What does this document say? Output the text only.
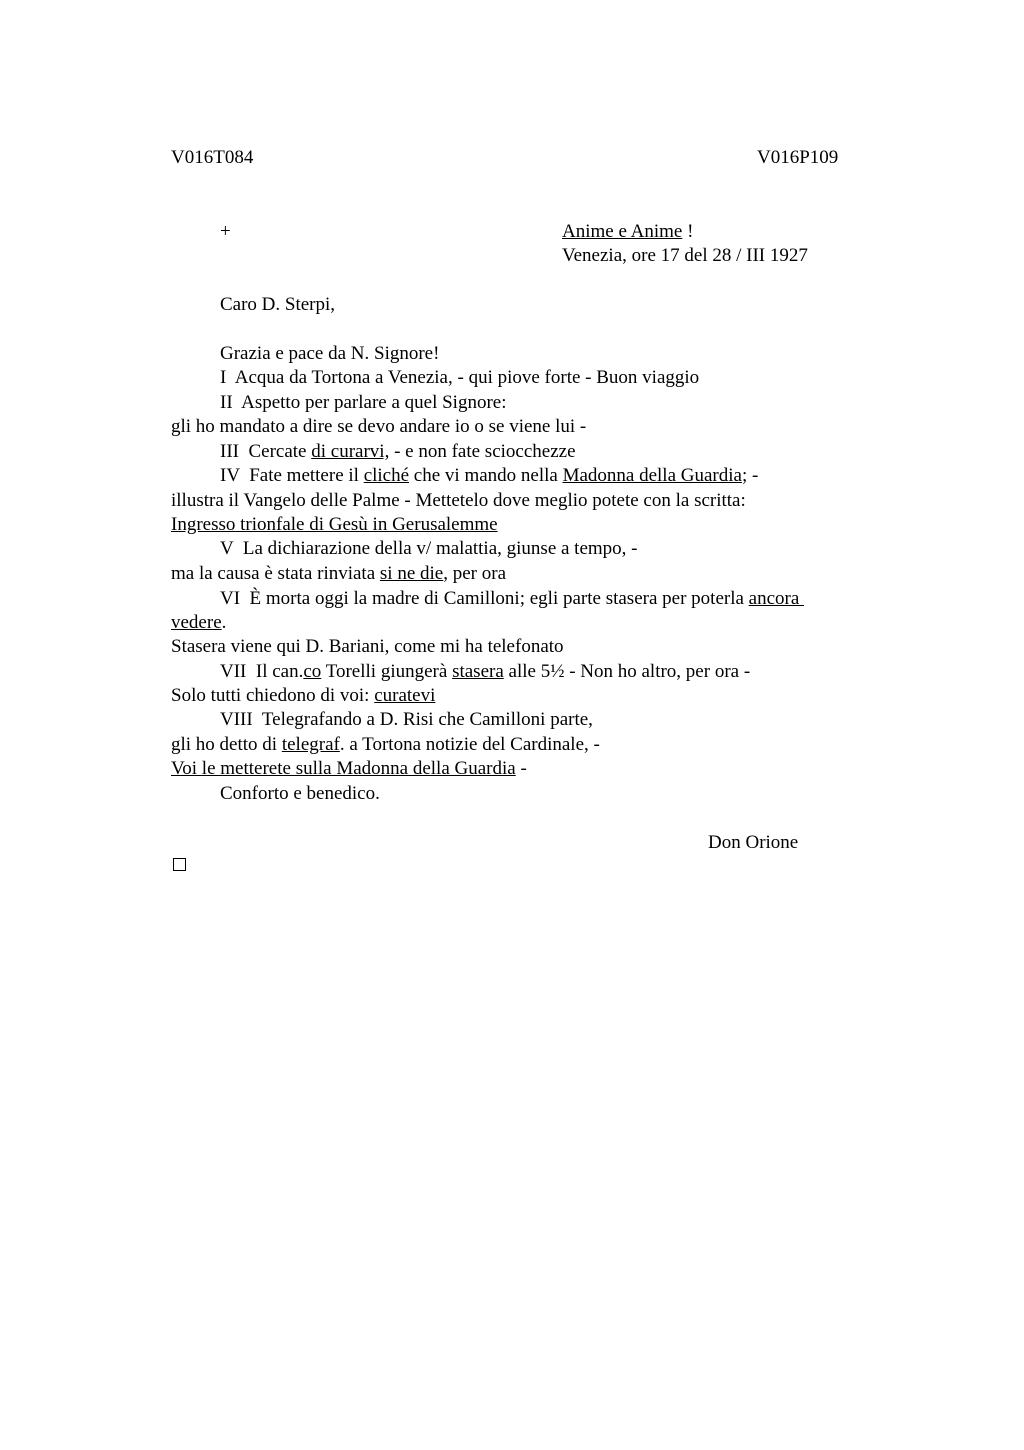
V016T084	V016P109
+	Anime e Anime !
Venezia, ore 17 del 28 / III 1927
Caro D. Sterpi,
Grazia e pace da N. Signore!
I  Acqua da Tortona a Venezia, - qui piove forte - Buon viaggio
II  Aspetto per parlare a quel Signore:
gli ho mandato a dire se devo andare io o se viene lui -
III  Cercate di curarvi, - e non fate sciocchezze
IV  Fate mettere il cliché che vi mando nella Madonna della Guardia; -
illustra il Vangelo delle Palme - Mettetelo dove meglio potete con la scritta:
Ingresso trionfale di Gesù in Gerusalemme
V  La dichiarazione della v/ malattia, giunse a tempo, -
ma la causa è stata rinviata si ne die, per ora
VI  È morta oggi la madre di Camilloni; egli parte stasera per poterla ancora
vedere.
Stasera viene qui D. Bariani, come mi ha telefonato
VII  Il can.co Torelli giungerà stasera alle 5½ - Non ho altro, per ora -
Solo tutti chiedono di voi: curatevi
VIII  Telegrafando a D. Risi che Camilloni parte,
gli ho detto di telegraf. a Tortona notizie del Cardinale, -
Voi le metterete sulla Madonna della Guardia -
Conforto e benedico.
Don Orione
